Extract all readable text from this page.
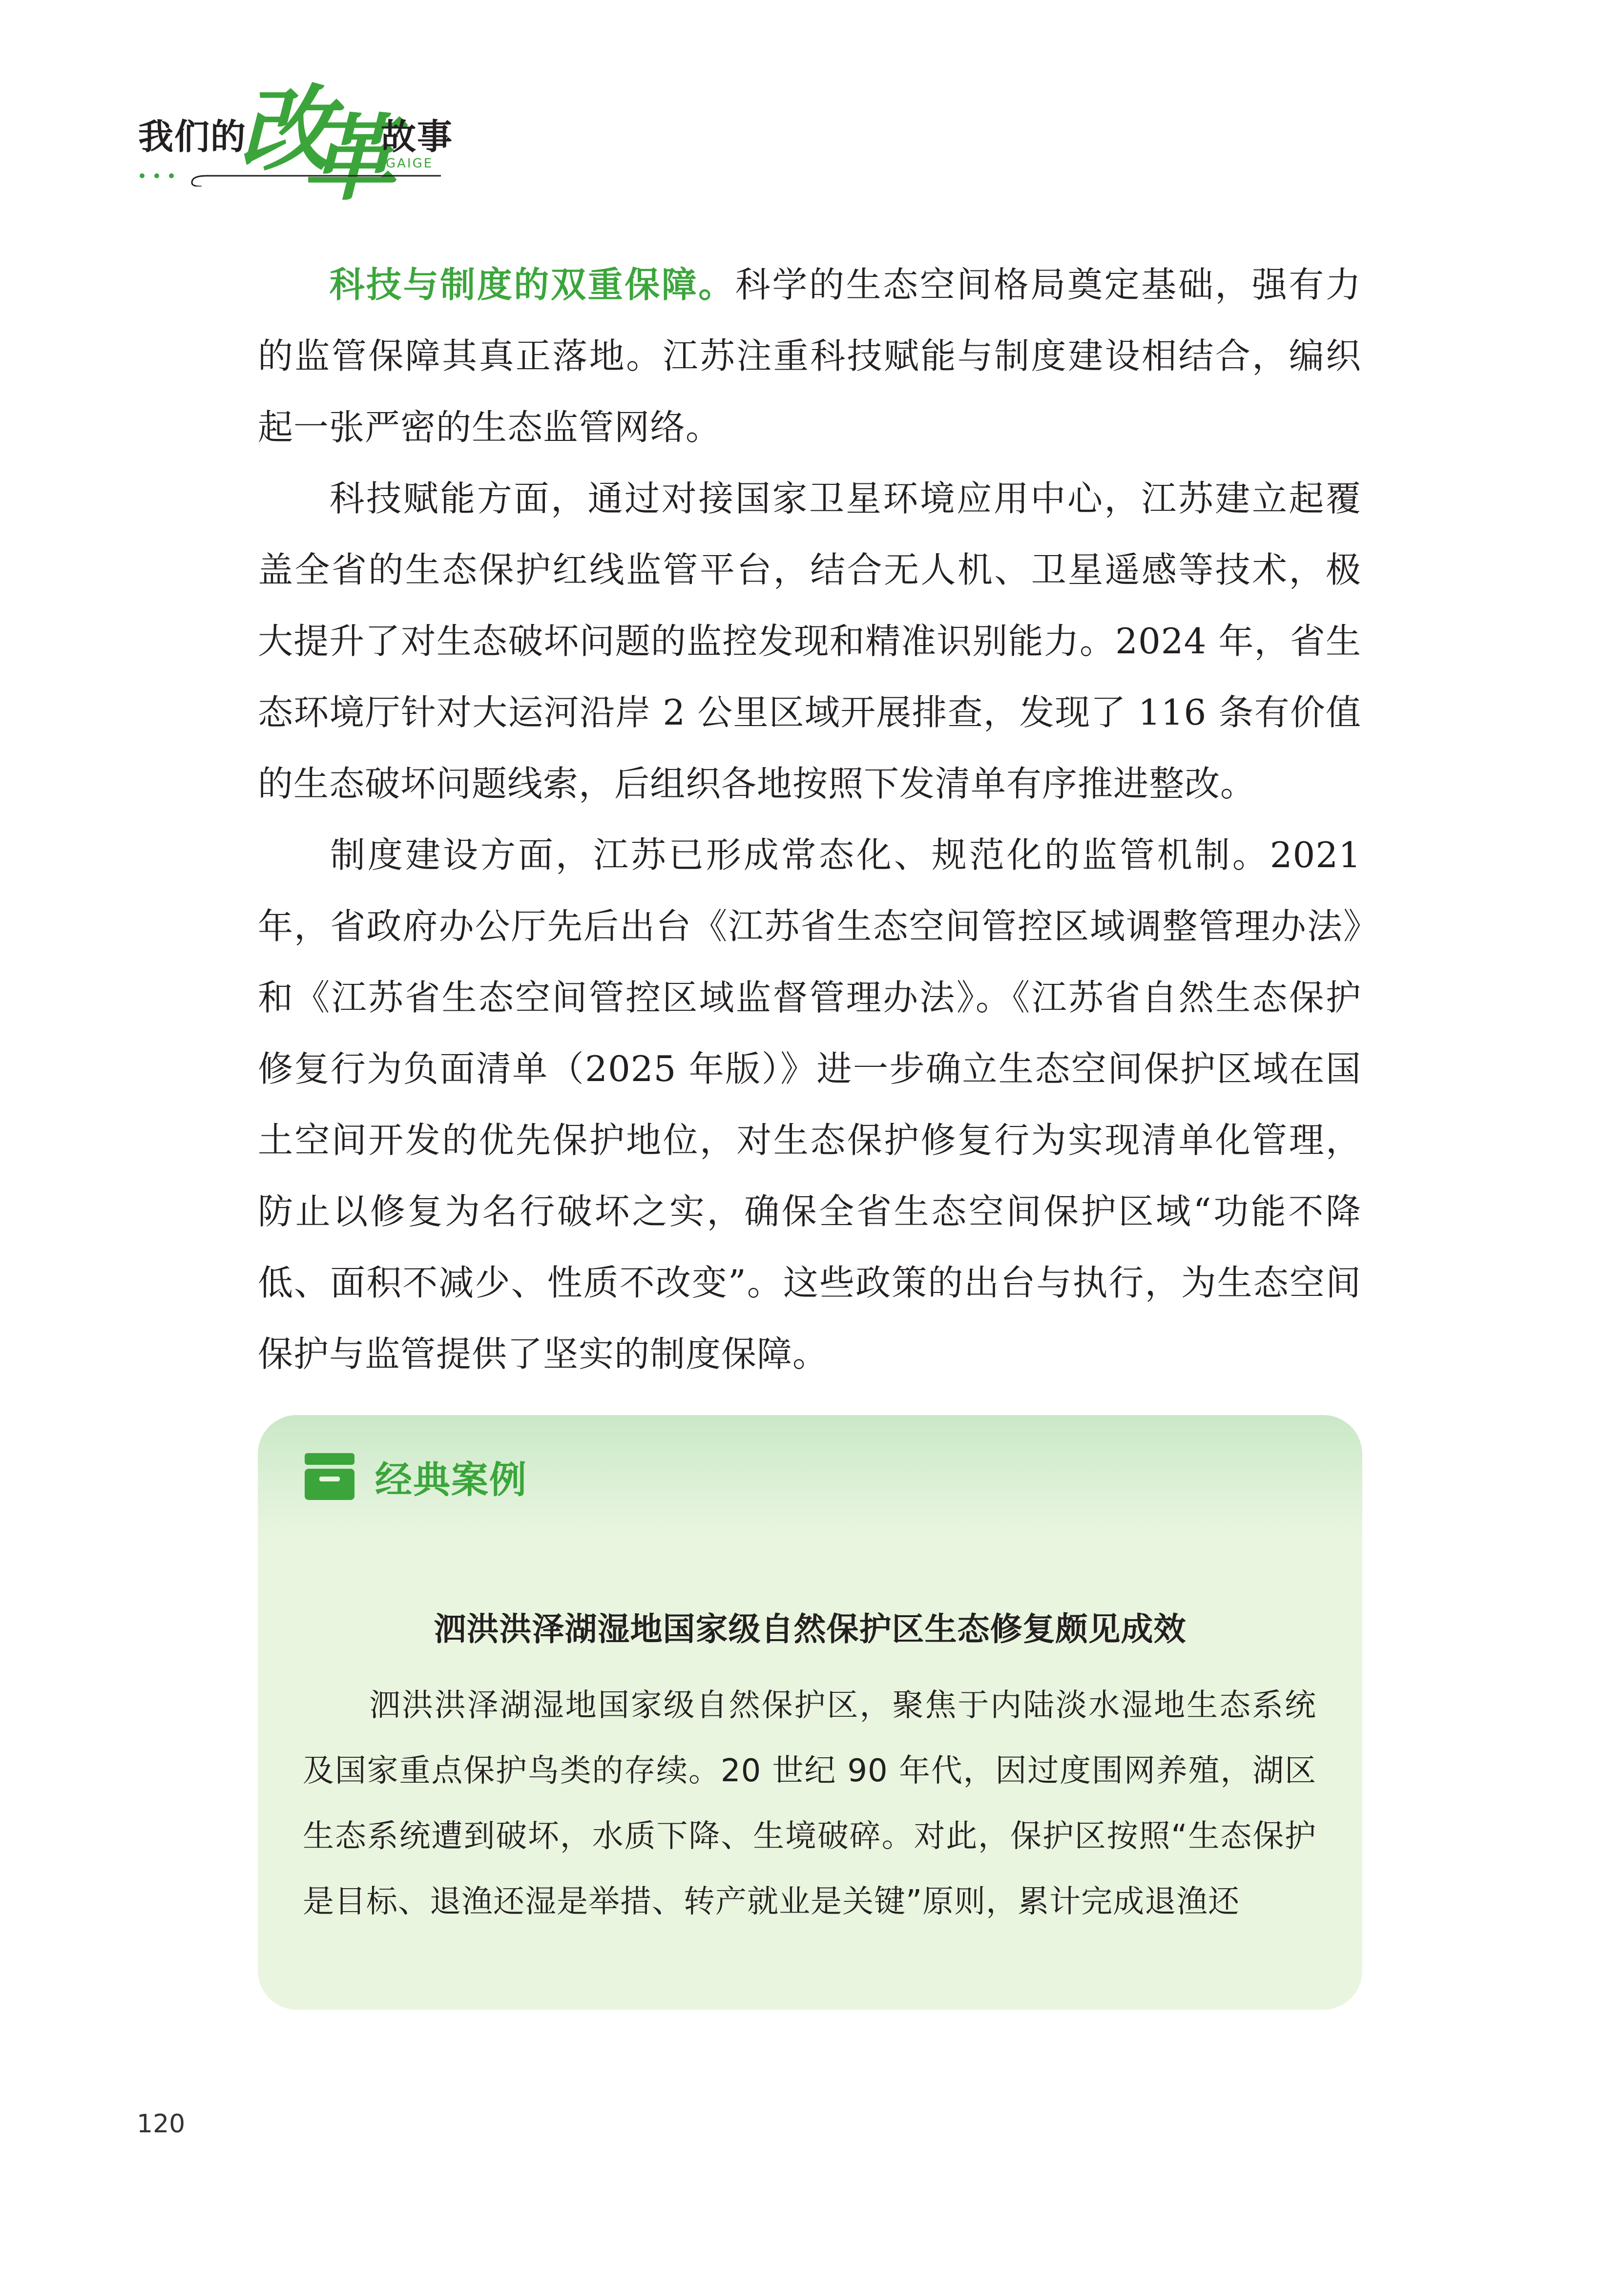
我们的
改
革
故事
GAIGE

科技与制度的双重保障。科学的生态空间格局奠定基础，强有力的监管保障其真正落地。江苏注重科技赋能与制度建设相结合，编织起一张严密的生态监管网络。

科技赋能方面，通过对接国家卫星环境应用中心，江苏建立起覆盖全省的生态保护红线监管平台，结合无人机、卫星遥感等技术，极大提升了对生态破坏问题的监控发现和精准识别能力。2024 年，省生态环境厅针对大运河沿岸 2 公里区域开展排查，发现了 116 条有价值的生态破坏问题线索，后组织各地按照下发清单有序推进整改。

制度建设方面，江苏已形成常态化、规范化的监管机制。2021 年，省政府办公厅先后出台《江苏省生态空间管控区域调整管理办法》和《江苏省生态空间管控区域监督管理办法》。《江苏省自然生态保护修复行为负面清单（2025 年版）》进一步确立生态空间保护区域在国土空间开发的优先保护地位，对生态保护修复行为实现清单化管理，防止以修复为名行破坏之实，确保全省生态空间保护区域“功能不降低、面积不减少、性质不改变”。这些政策的出台与执行，为生态空间保护与监管提供了坚实的制度保障。

经典案例
泗洪洪泽湖湿地国家级自然保护区生态修复颇见成效

泗洪洪泽湖湿地国家级自然保护区，聚焦于内陆淡水湿地生态系统及国家重点保护鸟类的存续。20 世纪 90 年代，因过度围网养殖，湖区生态系统遭到破坏，水质下降、生境破碎。对此，保护区按照“生态保护是目标、退渔还湿是举措、转产就业是关键”原则，累计完成退渔还

120
